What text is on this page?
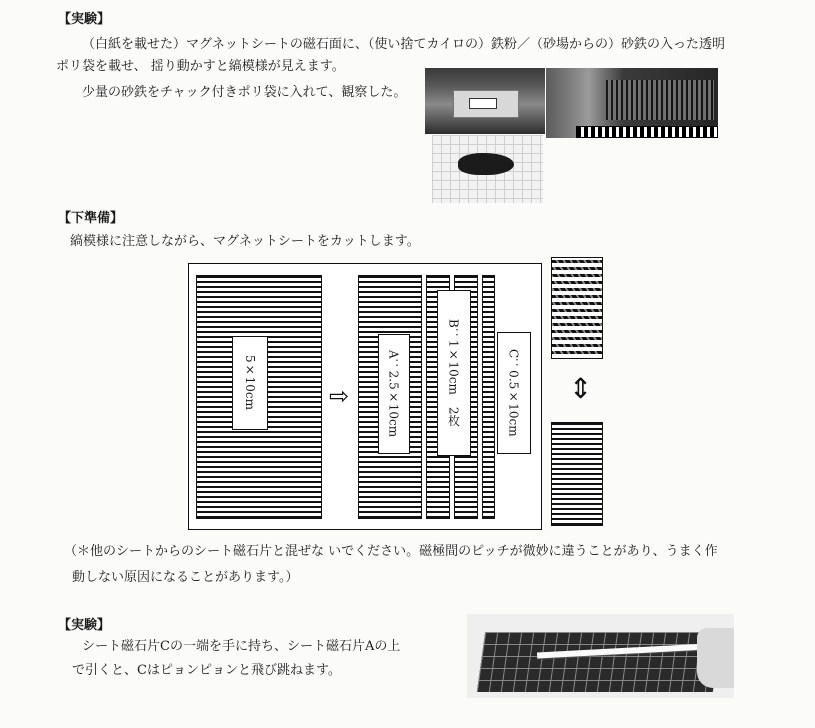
【実験】
（白紙を載せた）マグネットシートの磁石面に、（使い捨てカイロの）鉄粉／（砂場からの）砂鉄の入った透明
ポリ袋を載せ、 揺り動かすと縞模様が見えます。
少量の砂鉄をチャック付きポリ袋に入れて、観察した。
【下準備】
縞模様に注意しながら、マグネットシートをカットします。
5×10cm	⇨	A：2.5×10cm	B：1×10cm　2枚	C：0.5×10cm ⇕
（＊他のシートからのシート磁石片と混ぜな いでください。磁極間のピッチが微妙に違うことがあり、うまく作
動しない原因になることがあります。）
【実験】
シート磁石片Cの一端を手に持ち、シート磁石片Aの上
で引くと、Cはピョンピョンと飛び跳ねます。
